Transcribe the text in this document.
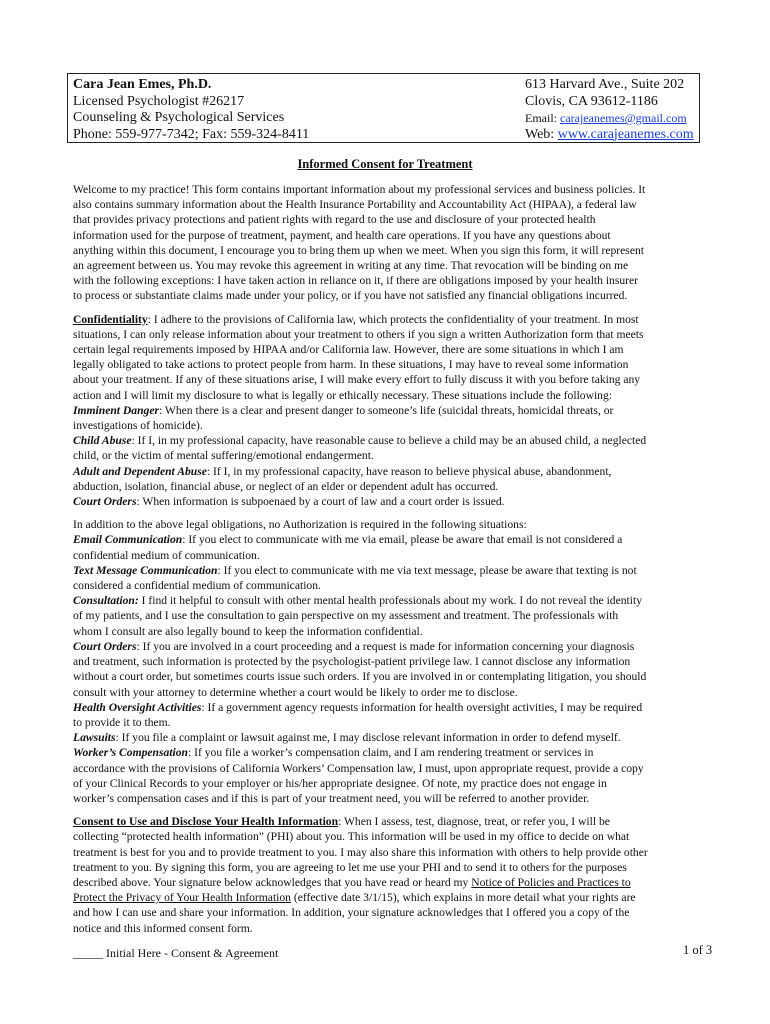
Cara Jean Emes, Ph.D.
Licensed Psychologist #26217
Counseling & Psychological Services
Phone: 559-977-7342; Fax: 559-324-8411
613 Harvard Ave., Suite 202
Clovis, CA 93612-1186
Email: carajeanemes@gmail.com
Web: www.carajeanemes.com
Informed Consent for Treatment

Welcome to my practice! This form contains important information about my professional services and business policies. It
also contains summary information about the Health Insurance Portability and Accountability Act (HIPAA), a federal law
that provides privacy protections and patient rights with regard to the use and disclosure of your protected health
information used for the purpose of treatment, payment, and health care operations. If you have any questions about
anything within this document, I encourage you to bring them up when we meet. When you sign this form, it will represent
an agreement between us. You may revoke this agreement in writing at any time. That revocation will be binding on me
with the following exceptions: I have taken action in reliance on it, if there are obligations imposed by your health insurer
to process or substantiate claims made under your policy, or if you have not satisfied any financial obligations incurred.

Confidentiality: I adhere to the provisions of California law, which protects the confidentiality of your treatment. In most
situations, I can only release information about your treatment to others if you sign a written Authorization form that meets
certain legal requirements imposed by HIPAA and/or California law. However, there are some situations in which I am
legally obligated to take actions to protect people from harm. In these situations, I may have to reveal some information
about your treatment. If any of these situations arise, I will make every effort to fully discuss it with you before taking any
action and I will limit my disclosure to what is legally or ethically necessary. These situations include the following:
Imminent Danger: When there is a clear and present danger to someone’s life (suicidal threats, homicidal threats, or
investigations of homicide).
Child Abuse: If I, in my professional capacity, have reasonable cause to believe a child may be an abused child, a neglected
child, or the victim of mental suffering/emotional endangerment.
Adult and Dependent Abuse: If I, in my professional capacity, have reason to believe physical abuse, abandonment,
abduction, isolation, financial abuse, or neglect of an elder or dependent adult has occurred.
Court Orders: When information is subpoenaed by a court of law and a court order is issued.

In addition to the above legal obligations, no Authorization is required in the following situations:
Email Communication: If you elect to communicate with me via email, please be aware that email is not considered a
confidential medium of communication.
Text Message Communication: If you elect to communicate with me via text message, please be aware that texting is not
considered a confidential medium of communication.
Consultation: I find it helpful to consult with other mental health professionals about my work. I do not reveal the identity
of my patients, and I use the consultation to gain perspective on my assessment and treatment. The professionals with
whom I consult are also legally bound to keep the information confidential.
Court Orders: If you are involved in a court proceeding and a request is made for information concerning your diagnosis
and treatment, such information is protected by the psychologist-patient privilege law. I cannot disclose any information
without a court order, but sometimes courts issue such orders. If you are involved in or contemplating litigation, you should
consult with your attorney to determine whether a court would be likely to order me to disclose.
Health Oversight Activities: If a government agency requests information for health oversight activities, I may be required
to provide it to them.
Lawsuits: If you file a complaint or lawsuit against me, I may disclose relevant information in order to defend myself.
Worker’s Compensation: If you file a worker’s compensation claim, and I am rendering treatment or services in
accordance with the provisions of California Workers’ Compensation law, I must, upon appropriate request, provide a copy
of your Clinical Records to your employer or his/her appropriate designee. Of note, my practice does not engage in
worker’s compensation cases and if this is part of your treatment need, you will be referred to another provider.

Consent to Use and Disclose Your Health Information: When I assess, test, diagnose, treat, or refer you, I will be
collecting “protected health information” (PHI) about you. This information will be used in my office to decide on what
treatment is best for you and to provide treatment to you. I may also share this information with others to help provide other
treatment to you. By signing this form, you are agreeing to let me use your PHI and to send it to others for the purposes
described above. Your signature below acknowledges that you have read or heard my Notice of Policies and Practices to
Protect the Privacy of Your Health Information (effective date 3/1/15), which explains in more detail what your rights are
and how I can use and share your information. In addition, your signature acknowledges that I offered you a copy of the
notice and this informed consent form.

_____ Initial Here - Consent & Agreement	1 of 3
